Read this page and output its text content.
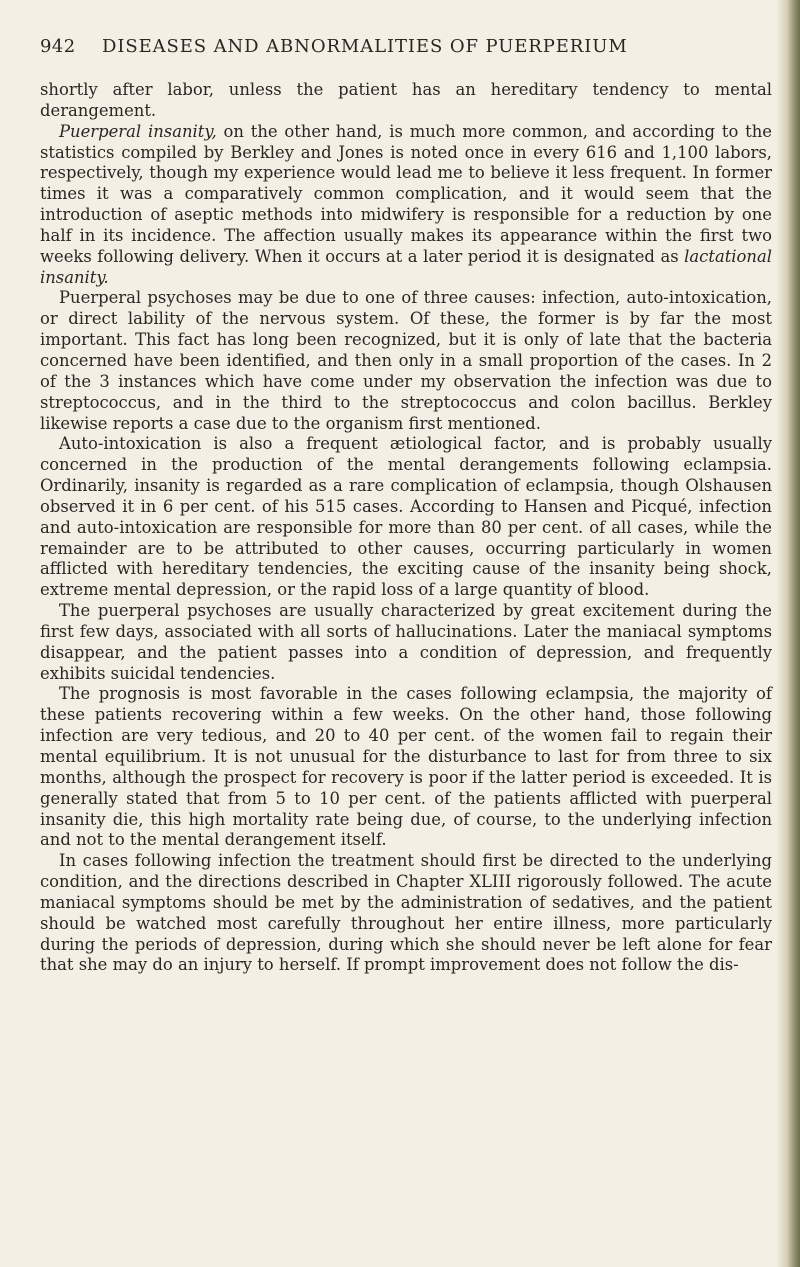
942 DISEASES AND ABNORMALITIES OF PUERPERIUM

shortly after labor, unless the patient has an hereditary tendency to mental derangement.

Puerperal insanity, on the other hand, is much more common, and according to the statistics compiled by Berkley and Jones is noted once in every 616 and 1,100 labors, respectively, though my experience would lead me to believe it less frequent. In former times it was a comparatively common complication, and it would seem that the introduction of aseptic methods into midwifery is responsible for a reduction by one half in its incidence. The affection usually makes its appearance within the first two weeks following delivery. When it occurs at a later period it is designated as lactational insanity.

Puerperal psychoses may be due to one of three causes: infection, auto-intoxication, or direct lability of the nervous system. Of these, the former is by far the most important. This fact has long been recognized, but it is only of late that the bacteria concerned have been identified, and then only in a small proportion of the cases. In 2 of the 3 instances which have come under my observation the infection was due to streptococcus, and in the third to the streptococcus and colon bacillus. Berkley likewise reports a case due to the organism first mentioned.

Auto-intoxication is also a frequent ætiological factor, and is probably usually concerned in the production of the mental derangements following eclampsia. Ordinarily, insanity is regarded as a rare complication of eclampsia, though Olshausen observed it in 6 per cent. of his 515 cases. According to Hansen and Picqué, infection and auto-intoxication are responsible for more than 80 per cent. of all cases, while the remainder are to be attributed to other causes, occurring particularly in women afflicted with hereditary tendencies, the exciting cause of the insanity being shock, extreme mental depression, or the rapid loss of a large quantity of blood.

The puerperal psychoses are usually characterized by great excitement during the first few days, associated with all sorts of hallucinations. Later the maniacal symptoms disappear, and the patient passes into a condition of depression, and frequently exhibits suicidal tendencies.

The prognosis is most favorable in the cases following eclampsia, the majority of these patients recovering within a few weeks. On the other hand, those following infection are very tedious, and 20 to 40 per cent. of the women fail to regain their mental equilibrium. It is not unusual for the disturbance to last for from three to six months, although the prospect for recovery is poor if the latter period is exceeded. It is generally stated that from 5 to 10 per cent. of the patients afflicted with puerperal insanity die, this high mortality rate being due, of course, to the underlying infection and not to the mental derangement itself.

In cases following infection the treatment should first be directed to the underlying condition, and the directions described in Chapter XLIII rigorously followed. The acute maniacal symptoms should be met by the administration of sedatives, and the patient should be watched most carefully throughout her entire illness, more particularly during the periods of depression, during which she should never be left alone for fear that she may do an injury to herself. If prompt improvement does not follow the dis-
